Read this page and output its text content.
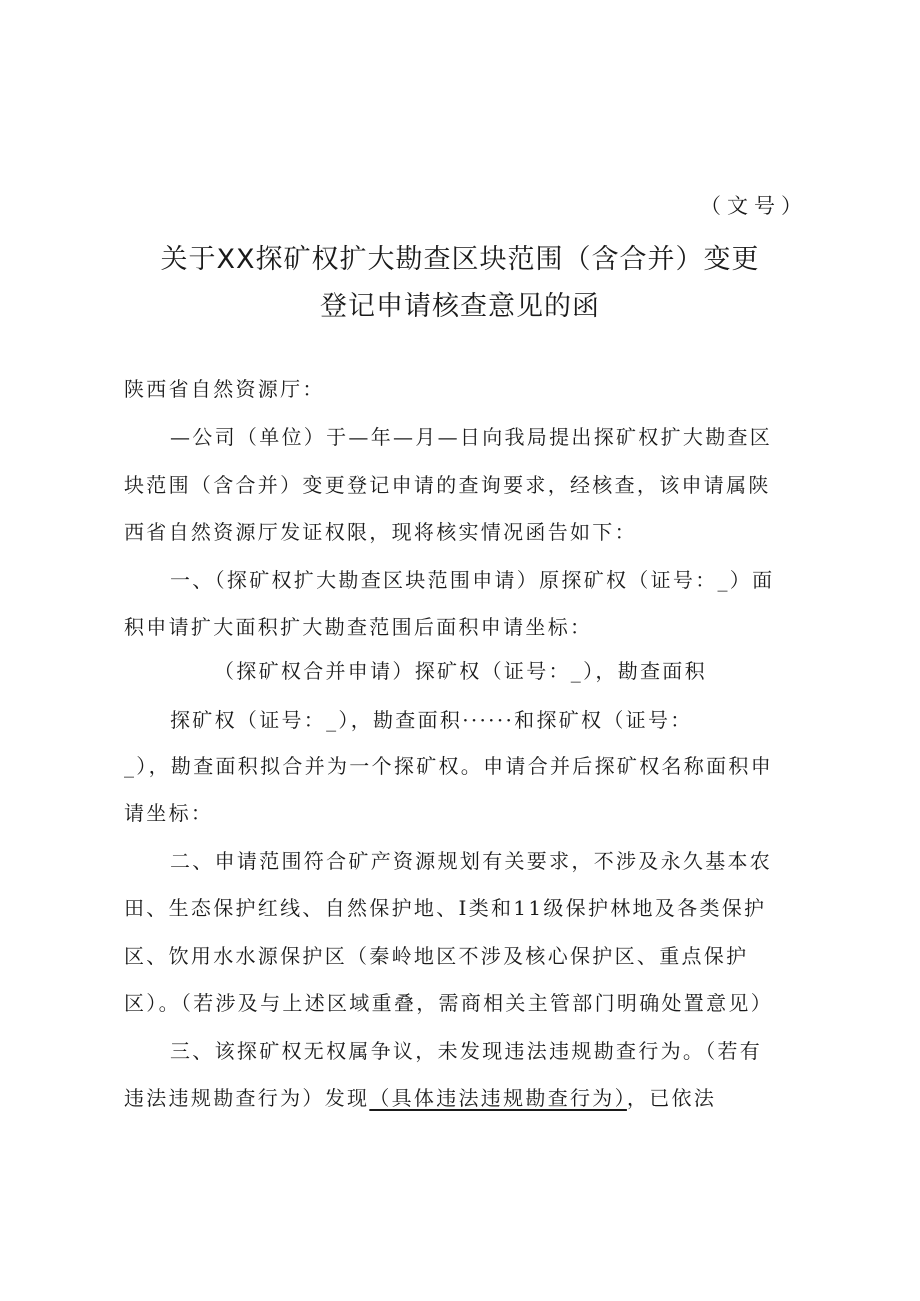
（文号）
关于XX探矿权扩大勘查区块范围（含合并）变更
登记申请核查意见的函
陕西省自然资源厅：
—公司（单位）于—年—月—日向我局提出探矿权扩大勘查区
块范围（含合并）变更登记申请的查询要求，经核查，该申请属陕
西省自然资源厅发证权限，现将核实情况函告如下：
一、（探矿权扩大勘查区块范围申请）原探矿权（证号：_）面
积申请扩大面积扩大勘查范围后面积申请坐标：
（探矿权合并申请）探矿权（证号：_），勘查面积
探矿权（证号：_），勘查面积······和探矿权（证号：
_），勘查面积拟合并为一个探矿权。申请合并后探矿权名称面积申
请坐标：
二、申请范围符合矿产资源规划有关要求，不涉及永久基本农
田、生态保护红线、自然保护地、I类和11级保护林地及各类保护
区、饮用水水源保护区（秦岭地区不涉及核心保护区、重点保护
区）。（若涉及与上述区域重叠，需商相关主管部门明确处置意见）
三、该探矿权无权属争议，未发现违法违规勘查行为。（若有
违法违规勘查行为）发现（具体违法违规勘查行为），已依法
